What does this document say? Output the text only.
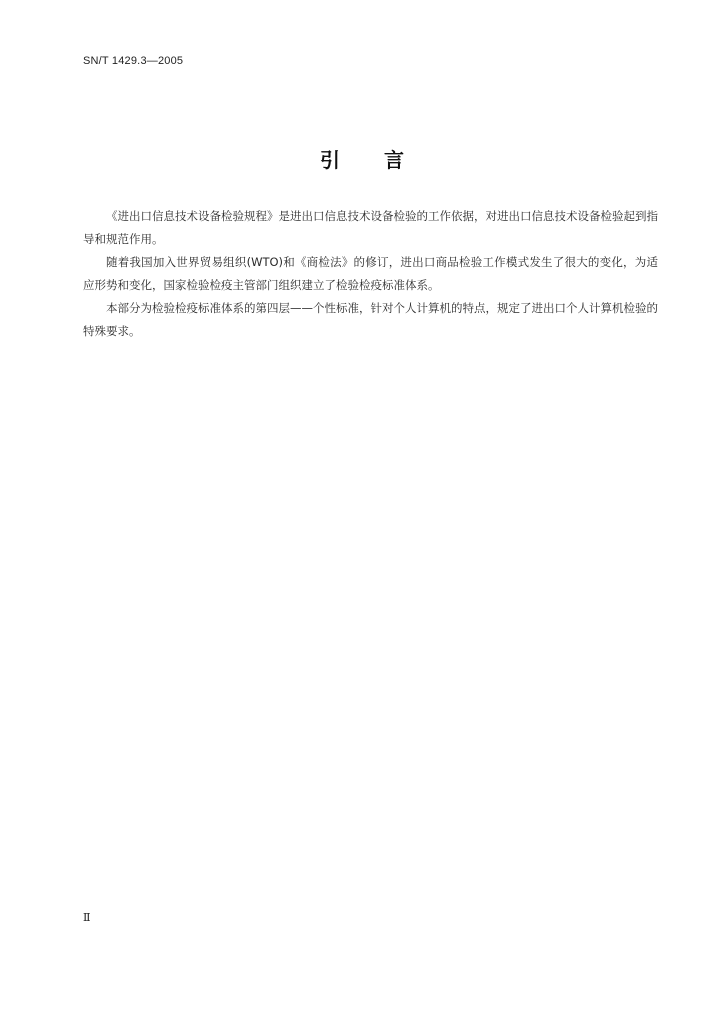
SN/T 1429.3—2005
引 言

《进出口信息技术设备检验规程》是进出口信息技术设备检验的工作依据，对进出口信息技术设备检验起到指导和规范作用。

随着我国加入世界贸易组织(WTO)和《商检法》的修订，进出口商品检验工作模式发生了很大的变化，为适应形势和变化，国家检验检疫主管部门组织建立了检验检疫标准体系。

本部分为检验检疫标准体系的第四层——个性标准，针对个人计算机的特点，规定了进出口个人计算机检验的特殊要求。

Ⅱ
